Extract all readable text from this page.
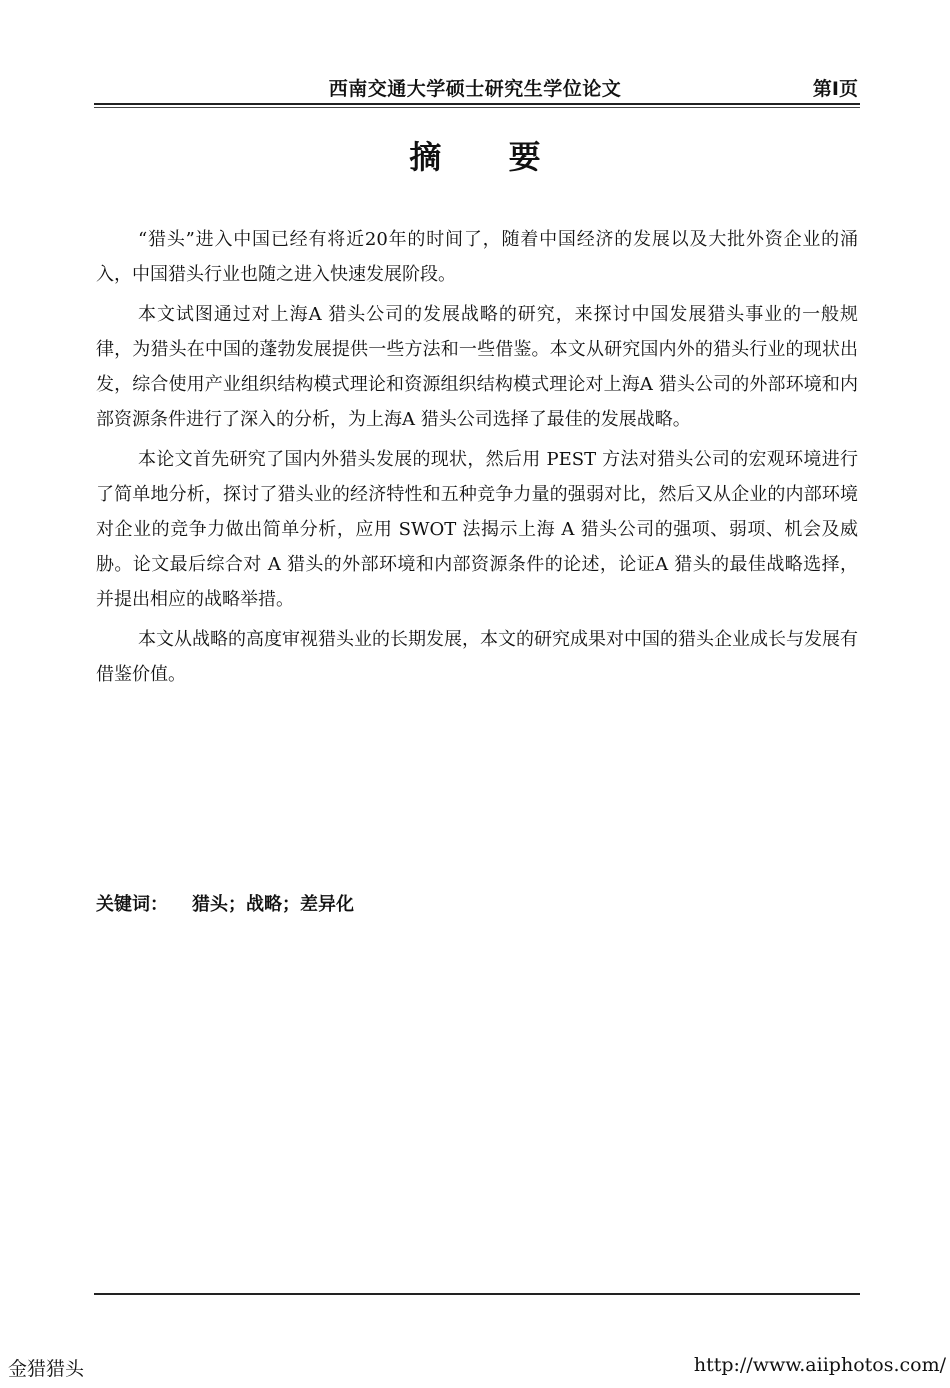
西南交通大学硕士研究生学位论文	第Ⅰ页
摘 要

“猎头”进入中国已经有将近20年的时间了，随着中国经济的发展以及大批外资企业的涌入，中国猎头行业也随之进入快速发展阶段。

本文试图通过对上海A 猎头公司的发展战略的研究，来探讨中国发展猎头事业的一般规律，为猎头在中国的蓬勃发展提供一些方法和一些借鉴。本文从研究国内外的猎头行业的现状出发，综合使用产业组织结构模式理论和资源组织结构模式理论对上海A 猎头公司的外部环境和内部资源条件进行了深入的分析，为上海A 猎头公司选择了最佳的发展战略。

本论文首先研究了国内外猎头发展的现状，然后用 PEST 方法对猎头公司的宏观环境进行了简单地分析，探讨了猎头业的经济特性和五种竞争力量的强弱对比，然后又从企业的内部环境对企业的竞争力做出简单分析，应用 SWOT 法揭示上海 A 猎头公司的强项、弱项、机会及威胁。论文最后综合对 A 猎头的外部环境和内部资源条件的论述，论证A 猎头的最佳战略选择，并提出相应的战略举措。

本文从战略的高度审视猎头业的长期发展，本文的研究成果对中国的猎头企业成长与发展有借鉴价值。

关键词： 猎头；战略；差异化
金猎猎头	http://www.aiiphotos.com/
